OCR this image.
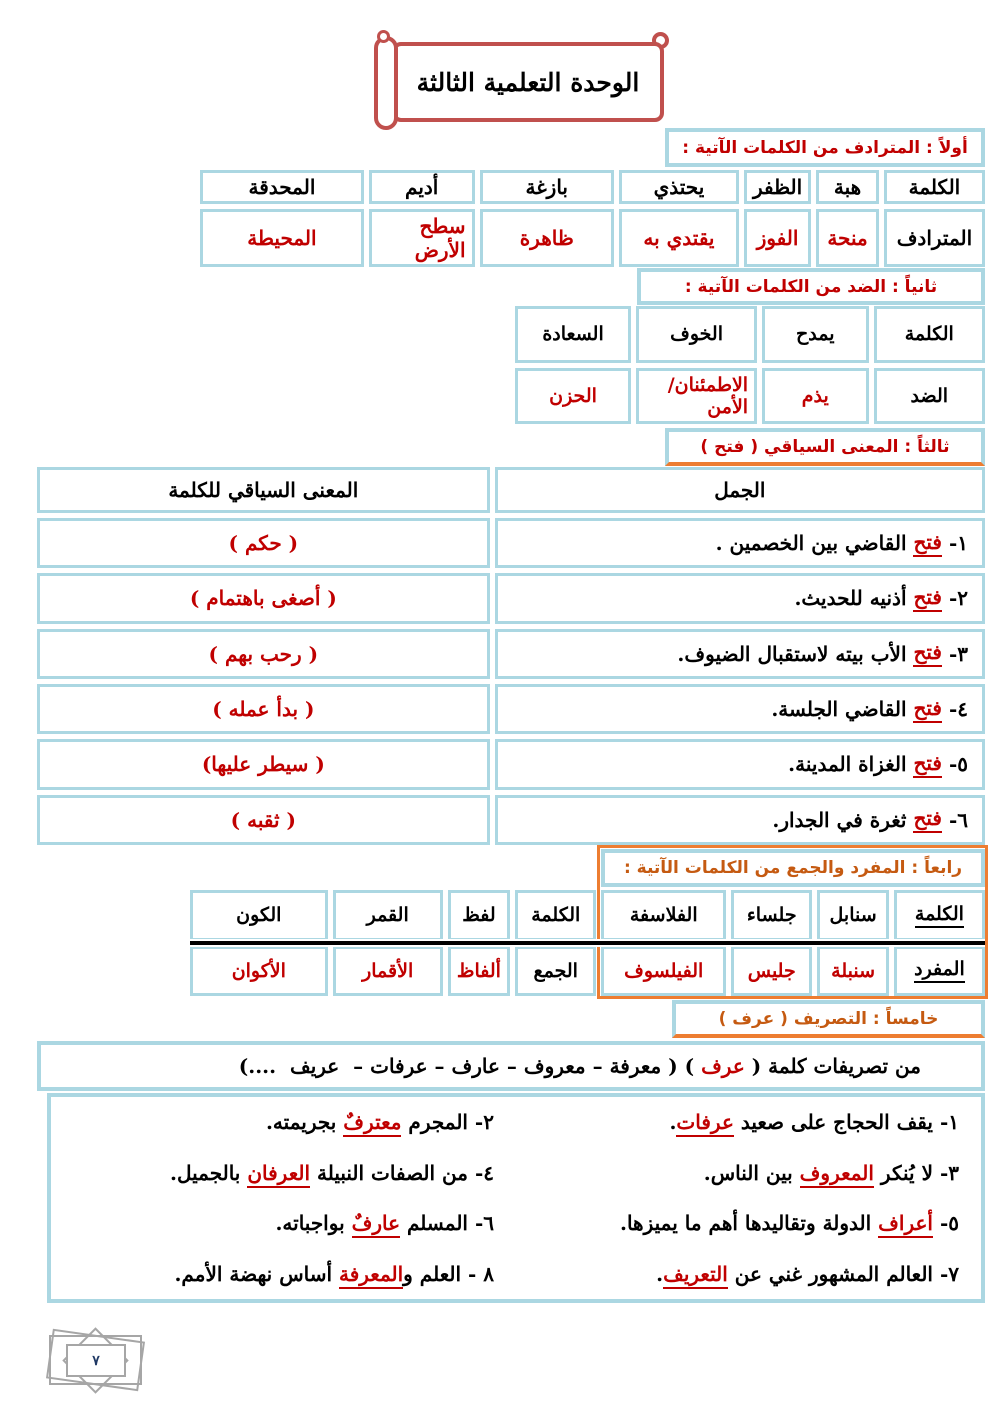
الوحدة التعلمية الثالثة
أولاً : المترادف من الكلمات الآتية :
الكلمة
هبة
الظفر
يحتذي
بازغة
أديم
المحدقة
المترادف
منحة
الفوز
يقتدي به
ظاهرة
سطح الأرض
المحيطة
ثانياً : الضد من الكلمات الآتية :
الكلمة
يمدح
الخوف
السعادة
الضد
يذم
الاطمئنان/الأمن
الحزن
ثالثاً : المعنى السياقي ( فتح )
الجمل
المعنى السياقي للكلمة
١-
فتح
القاضي بين الخصمين .
( حكم )
٢-
فتح
أذنيه للحديث.
( أصغى باهتمام )
٣-
فتح
الأب بيته لاستقبال الضيوف.
( رحب بهم )
٤-
فتح
القاضي الجلسة.
( بدأ عمله )
٥-
فتح
الغزاة المدينة.
( سيطر عليها)
٦-
فتح
ثغرة في الجدار.
( ثقبه )
رابعاً : المفرد والجمع من الكلمات الآتية :
الكلمة
سنابل
جلساء
الفلاسفة
الكلمة
لفظ
القمر
الكون
المفرد
سنبلة
جليس
الفيلسوف
الجمع
ألفاظ
الأقمار
الأكوان
خامساً : التصريف ( عرف )
من تصريفات كلمة (
عرف
) ( معرفة – معروف – عارف – عرفات –  عريف  ....)
١- يقف الحجاج على صعيد عرفات.
٢- المجرم معترفٌ بجريمته.
٣- لا يُنكر المعروف بين الناس.
٤- من الصفات النبيلة العرفان بالجميل.
٥- أعراف الدولة وتقاليدها أهم ما يميزها.
٦- المسلم عارفٌ بواجباته.
٧- العالم المشهور غني عن التعريف.
٨ - العلم والمعرفة أساس نهضة الأمم.
٧
